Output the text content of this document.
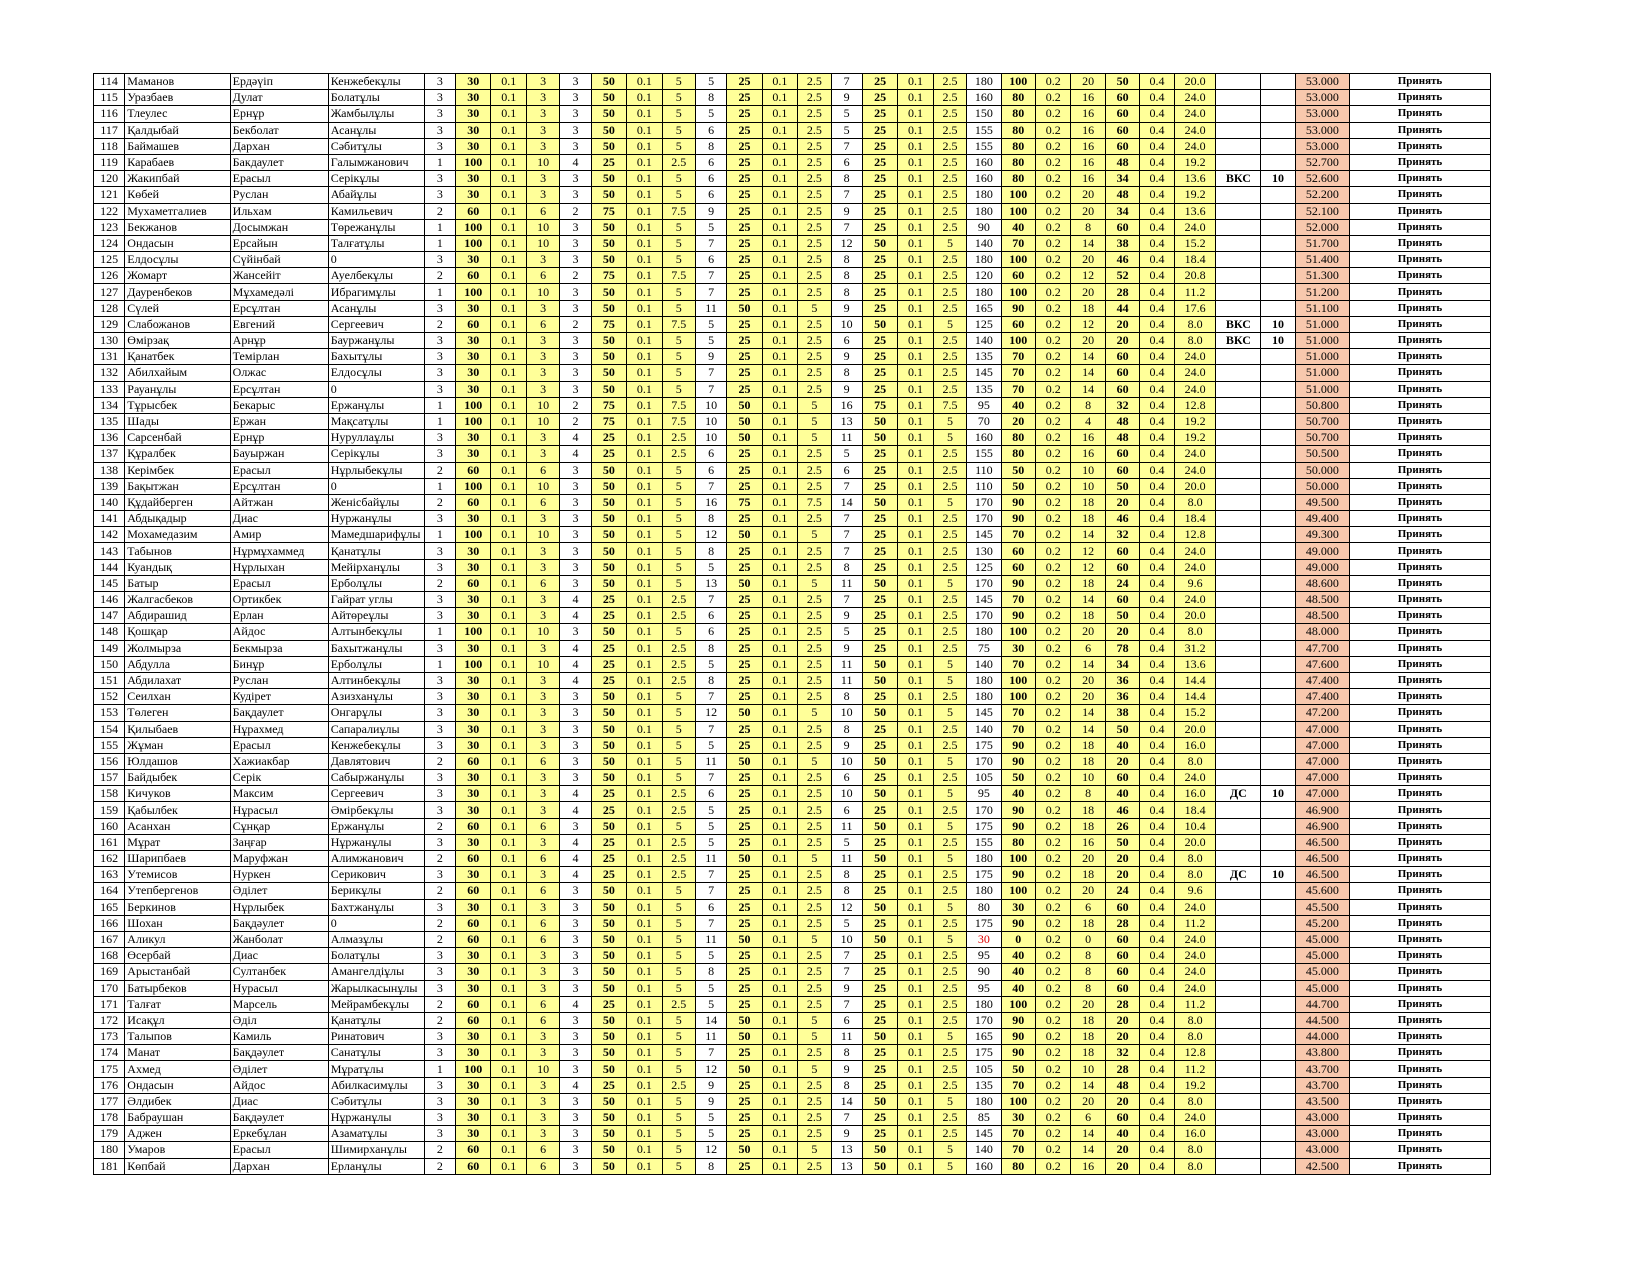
114	Маманов	Ердәүіп	Кенжебекұлы	3	30	0.1	3	3	50	0.1	5	5	25	0.1	2.5	7	25	0.1	2.5	180	100	0.2	20	50	0.4	20.0			53.000	Принять
115	Уразбаев	Дулат	Болатұлы	3	30	0.1	3	3	50	0.1	5	8	25	0.1	2.5	9	25	0.1	2.5	160	80	0.2	16	60	0.4	24.0			53.000	Принять
116	Тлеулес	Ернұр	Жамбылұлы	3	30	0.1	3	3	50	0.1	5	5	25	0.1	2.5	5	25	0.1	2.5	150	80	0.2	16	60	0.4	24.0			53.000	Принять
117	Қалдыбай	Бекболат	Асанұлы	3	30	0.1	3	3	50	0.1	5	6	25	0.1	2.5	5	25	0.1	2.5	155	80	0.2	16	60	0.4	24.0			53.000	Принять
118	Баймашев	Дархан	Сәбитұлы	3	30	0.1	3	3	50	0.1	5	8	25	0.1	2.5	7	25	0.1	2.5	155	80	0.2	16	60	0.4	24.0			53.000	Принять
119	Карабаев	Бакдаулет	Галымжанович	1	100	0.1	10	4	25	0.1	2.5	6	25	0.1	2.5	6	25	0.1	2.5	160	80	0.2	16	48	0.4	19.2			52.700	Принять
120	Жакипбай	Ерасыл	Серікұлы	3	30	0.1	3	3	50	0.1	5	6	25	0.1	2.5	8	25	0.1	2.5	160	80	0.2	16	34	0.4	13.6	ВКС	10	52.600	Принять
121	Көбей	Руслан	Абайұлы	3	30	0.1	3	3	50	0.1	5	6	25	0.1	2.5	7	25	0.1	2.5	180	100	0.2	20	48	0.4	19.2			52.200	Принять
122	Мухаметгалиев	Ильхам	Камильевич	2	60	0.1	6	2	75	0.1	7.5	9	25	0.1	2.5	9	25	0.1	2.5	180	100	0.2	20	34	0.4	13.6			52.100	Принять
123	Бекжанов	Досымжан	Төрежанұлы	1	100	0.1	10	3	50	0.1	5	5	25	0.1	2.5	7	25	0.1	2.5	90	40	0.2	8	60	0.4	24.0			52.000	Принять
124	Ондасын	Ерсайын	Талғатұлы	1	100	0.1	10	3	50	0.1	5	7	25	0.1	2.5	12	50	0.1	5	140	70	0.2	14	38	0.4	15.2			51.700	Принять
125	Елдосұлы	Сүйінбай	0	3	30	0.1	3	3	50	0.1	5	6	25	0.1	2.5	8	25	0.1	2.5	180	100	0.2	20	46	0.4	18.4			51.400	Принять
126	Жомарт	Жансейіт	Ауелбекұлы	2	60	0.1	6	2	75	0.1	7.5	7	25	0.1	2.5	8	25	0.1	2.5	120	60	0.2	12	52	0.4	20.8			51.300	Принять
127	Дауренбеков	Мұхамедәлі	Ибрагимұлы	1	100	0.1	10	3	50	0.1	5	7	25	0.1	2.5	8	25	0.1	2.5	180	100	0.2	20	28	0.4	11.2			51.200	Принять
128	Сүлей	Ерсұлтан	Асанұлы	3	30	0.1	3	3	50	0.1	5	11	50	0.1	5	9	25	0.1	2.5	165	90	0.2	18	44	0.4	17.6			51.100	Принять
129	Слабожанов	Евгений	Сергеевич	2	60	0.1	6	2	75	0.1	7.5	5	25	0.1	2.5	10	50	0.1	5	125	60	0.2	12	20	0.4	8.0	ВКС	10	51.000	Принять
130	Өмірзақ	Арнұр	Бауржанұлы	3	30	0.1	3	3	50	0.1	5	5	25	0.1	2.5	6	25	0.1	2.5	140	100	0.2	20	20	0.4	8.0	ВКС	10	51.000	Принять
131	Қанатбек	Темірлан	Бахытұлы	3	30	0.1	3	3	50	0.1	5	9	25	0.1	2.5	9	25	0.1	2.5	135	70	0.2	14	60	0.4	24.0			51.000	Принять
132	Абилхайым	Олжас	Елдосұлы	3	30	0.1	3	3	50	0.1	5	7	25	0.1	2.5	8	25	0.1	2.5	145	70	0.2	14	60	0.4	24.0			51.000	Принять
133	Рауанұлы	Ерсұлтан	0	3	30	0.1	3	3	50	0.1	5	7	25	0.1	2.5	9	25	0.1	2.5	135	70	0.2	14	60	0.4	24.0			51.000	Принять
134	Тұрысбек	Бекарыс	Ержанұлы	1	100	0.1	10	2	75	0.1	7.5	10	50	0.1	5	16	75	0.1	7.5	95	40	0.2	8	32	0.4	12.8			50.800	Принять
135	Шады	Ержан	Мақсатұлы	1	100	0.1	10	2	75	0.1	7.5	10	50	0.1	5	13	50	0.1	5	70	20	0.2	4	48	0.4	19.2			50.700	Принять
136	Сарсенбай	Ернұр	Нуруллаұлы	3	30	0.1	3	4	25	0.1	2.5	10	50	0.1	5	11	50	0.1	5	160	80	0.2	16	48	0.4	19.2			50.700	Принять
137	Құралбек	Бауыржан	Серікұлы	3	30	0.1	3	4	25	0.1	2.5	6	25	0.1	2.5	5	25	0.1	2.5	155	80	0.2	16	60	0.4	24.0			50.500	Принять
138	Керімбек	Ерасыл	Нұрлыбекұлы	2	60	0.1	6	3	50	0.1	5	6	25	0.1	2.5	6	25	0.1	2.5	110	50	0.2	10	60	0.4	24.0			50.000	Принять
139	Бақытжан	Ерсұлтан	0	1	100	0.1	10	3	50	0.1	5	7	25	0.1	2.5	7	25	0.1	2.5	110	50	0.2	10	50	0.4	20.0			50.000	Принять
140	Құдайберген	Айтжан	Женісбайұлы	2	60	0.1	6	3	50	0.1	5	16	75	0.1	7.5	14	50	0.1	5	170	90	0.2	18	20	0.4	8.0			49.500	Принять
141	Абдықадыр	Диас	Нуржанұлы	3	30	0.1	3	3	50	0.1	5	8	25	0.1	2.5	7	25	0.1	2.5	170	90	0.2	18	46	0.4	18.4			49.400	Принять
142	Мохамедазим	Амир	Мамедшарифұлы	1	100	0.1	10	3	50	0.1	5	12	50	0.1	5	7	25	0.1	2.5	145	70	0.2	14	32	0.4	12.8			49.300	Принять
143	Табынов	Нұрмұхаммед	Қанатұлы	3	30	0.1	3	3	50	0.1	5	8	25	0.1	2.5	7	25	0.1	2.5	130	60	0.2	12	60	0.4	24.0			49.000	Принять
144	Куандық	Нұрлыхан	Мейірханұлы	3	30	0.1	3	3	50	0.1	5	5	25	0.1	2.5	8	25	0.1	2.5	125	60	0.2	12	60	0.4	24.0			49.000	Принять
145	Батыр	Ерасыл	Ерболұлы	2	60	0.1	6	3	50	0.1	5	13	50	0.1	5	11	50	0.1	5	170	90	0.2	18	24	0.4	9.6			48.600	Принять
146	Жалгасбеков	Ортикбек	Гайрат углы	3	30	0.1	3	4	25	0.1	2.5	7	25	0.1	2.5	7	25	0.1	2.5	145	70	0.2	14	60	0.4	24.0			48.500	Принять
147	Абдирашид	Ерлан	Айтөреұлы	3	30	0.1	3	4	25	0.1	2.5	6	25	0.1	2.5	9	25	0.1	2.5	170	90	0.2	18	50	0.4	20.0			48.500	Принять
148	Қошқар	Айдос	Алтынбекұлы	1	100	0.1	10	3	50	0.1	5	6	25	0.1	2.5	5	25	0.1	2.5	180	100	0.2	20	20	0.4	8.0			48.000	Принять
149	Жолмырза	Бекмырза	Бахытжанұлы	3	30	0.1	3	4	25	0.1	2.5	8	25	0.1	2.5	9	25	0.1	2.5	75	30	0.2	6	78	0.4	31.2			47.700	Принять
150	Абдулла	Бинұр	Ерболұлы	1	100	0.1	10	4	25	0.1	2.5	5	25	0.1	2.5	11	50	0.1	5	140	70	0.2	14	34	0.4	13.6			47.600	Принять
151	Абдилахат	Руслан	Алтинбекұлы	3	30	0.1	3	4	25	0.1	2.5	8	25	0.1	2.5	11	50	0.1	5	180	100	0.2	20	36	0.4	14.4			47.400	Принять
152	Сеилхан	Кудірет	Азизханұлы	3	30	0.1	3	3	50	0.1	5	7	25	0.1	2.5	8	25	0.1	2.5	180	100	0.2	20	36	0.4	14.4			47.400	Принять
153	Төлеген	Бақдаулет	Онгарұлы	3	30	0.1	3	3	50	0.1	5	12	50	0.1	5	10	50	0.1	5	145	70	0.2	14	38	0.4	15.2			47.200	Принять
154	Қилыбаев	Нұрахмед	Сапаралиұлы	3	30	0.1	3	3	50	0.1	5	7	25	0.1	2.5	8	25	0.1	2.5	140	70	0.2	14	50	0.4	20.0			47.000	Принять
155	Жұман	Ерасыл	Кенжебекұлы	3	30	0.1	3	3	50	0.1	5	5	25	0.1	2.5	9	25	0.1	2.5	175	90	0.2	18	40	0.4	16.0			47.000	Принять
156	Юлдашов	Хажиакбар	Давлятович	2	60	0.1	6	3	50	0.1	5	11	50	0.1	5	10	50	0.1	5	170	90	0.2	18	20	0.4	8.0			47.000	Принять
157	Байдыбек	Серік	Сабыржанұлы	3	30	0.1	3	3	50	0.1	5	7	25	0.1	2.5	6	25	0.1	2.5	105	50	0.2	10	60	0.4	24.0			47.000	Принять
158	Кичуков	Максим	Сергеевич	3	30	0.1	3	4	25	0.1	2.5	6	25	0.1	2.5	10	50	0.1	5	95	40	0.2	8	40	0.4	16.0	ДС	10	47.000	Принять
159	Қабылбек	Нұрасыл	Әмірбекұлы	3	30	0.1	3	4	25	0.1	2.5	5	25	0.1	2.5	6	25	0.1	2.5	170	90	0.2	18	46	0.4	18.4			46.900	Принять
160	Асанхан	Сұнқар	Ержанұлы	2	60	0.1	6	3	50	0.1	5	5	25	0.1	2.5	11	50	0.1	5	175	90	0.2	18	26	0.4	10.4			46.900	Принять
161	Мұрат	Заңғар	Нұржанұлы	3	30	0.1	3	4	25	0.1	2.5	5	25	0.1	2.5	5	25	0.1	2.5	155	80	0.2	16	50	0.4	20.0			46.500	Принять
162	Шарипбаев	Маруфжан	Алимжанович	2	60	0.1	6	4	25	0.1	2.5	11	50	0.1	5	11	50	0.1	5	180	100	0.2	20	20	0.4	8.0			46.500	Принять
163	Утемисов	Нуркен	Серикович	3	30	0.1	3	4	25	0.1	2.5	7	25	0.1	2.5	8	25	0.1	2.5	175	90	0.2	18	20	0.4	8.0	ДС	10	46.500	Принять
164	Утепбергенов	Әділет	Берикұлы	2	60	0.1	6	3	50	0.1	5	7	25	0.1	2.5	8	25	0.1	2.5	180	100	0.2	20	24	0.4	9.6			45.600	Принять
165	Беркинов	Нұрлыбек	Бахтжанұлы	3	30	0.1	3	3	50	0.1	5	6	25	0.1	2.5	12	50	0.1	5	80	30	0.2	6	60	0.4	24.0			45.500	Принять
166	Шохан	Бақдәулет	0	2	60	0.1	6	3	50	0.1	5	7	25	0.1	2.5	5	25	0.1	2.5	175	90	0.2	18	28	0.4	11.2			45.200	Принять
167	Аликул	Жанболат	Алмазұлы	2	60	0.1	6	3	50	0.1	5	11	50	0.1	5	10	50	0.1	5	30	0	0.2	0	60	0.4	24.0			45.000	Принять
168	Өсербай	Диас	Болатұлы	3	30	0.1	3	3	50	0.1	5	5	25	0.1	2.5	7	25	0.1	2.5	95	40	0.2	8	60	0.4	24.0			45.000	Принять
169	Арыстанбай	Султанбек	Амангелдіұлы	3	30	0.1	3	3	50	0.1	5	8	25	0.1	2.5	7	25	0.1	2.5	90	40	0.2	8	60	0.4	24.0			45.000	Принять
170	Батырбеков	Нурасыл	Жарылкасынұлы	3	30	0.1	3	3	50	0.1	5	5	25	0.1	2.5	9	25	0.1	2.5	95	40	0.2	8	60	0.4	24.0			45.000	Принять
171	Талғат	Марсель	Мейрамбекұлы	2	60	0.1	6	4	25	0.1	2.5	5	25	0.1	2.5	7	25	0.1	2.5	180	100	0.2	20	28	0.4	11.2			44.700	Принять
172	Исақұл	Әділ	Қанатұлы	2	60	0.1	6	3	50	0.1	5	14	50	0.1	5	6	25	0.1	2.5	170	90	0.2	18	20	0.4	8.0			44.500	Принять
173	Талыпов	Камиль	Ринатович	3	30	0.1	3	3	50	0.1	5	11	50	0.1	5	11	50	0.1	5	165	90	0.2	18	20	0.4	8.0			44.000	Принять
174	Манат	Бақдәулет	Санатұлы	3	30	0.1	3	3	50	0.1	5	7	25	0.1	2.5	8	25	0.1	2.5	175	90	0.2	18	32	0.4	12.8			43.800	Принять
175	Ахмед	Әділет	Мұратұлы	1	100	0.1	10	3	50	0.1	5	12	50	0.1	5	9	25	0.1	2.5	105	50	0.2	10	28	0.4	11.2			43.700	Принять
176	Ондасын	Айдос	Абилкасимұлы	3	30	0.1	3	4	25	0.1	2.5	9	25	0.1	2.5	8	25	0.1	2.5	135	70	0.2	14	48	0.4	19.2			43.700	Принять
177	Әлдибек	Диас	Сәбитұлы	3	30	0.1	3	3	50	0.1	5	9	25	0.1	2.5	14	50	0.1	5	180	100	0.2	20	20	0.4	8.0			43.500	Принять
178	Бабраушан	Бақдәулет	Нұржанұлы	3	30	0.1	3	3	50	0.1	5	5	25	0.1	2.5	7	25	0.1	2.5	85	30	0.2	6	60	0.4	24.0			43.000	Принять
179	Аджен	Еркебұлан	Азаматұлы	3	30	0.1	3	3	50	0.1	5	5	25	0.1	2.5	9	25	0.1	2.5	145	70	0.2	14	40	0.4	16.0			43.000	Принять
180	Умаров	Ерасыл	Шимирханұлы	2	60	0.1	6	3	50	0.1	5	12	50	0.1	5	13	50	0.1	5	140	70	0.2	14	20	0.4	8.0			43.000	Принять
181	Көпбай	Дархан	Ерланұлы	2	60	0.1	6	3	50	0.1	5	8	25	0.1	2.5	13	50	0.1	5	160	80	0.2	16	20	0.4	8.0			42.500	Принять
